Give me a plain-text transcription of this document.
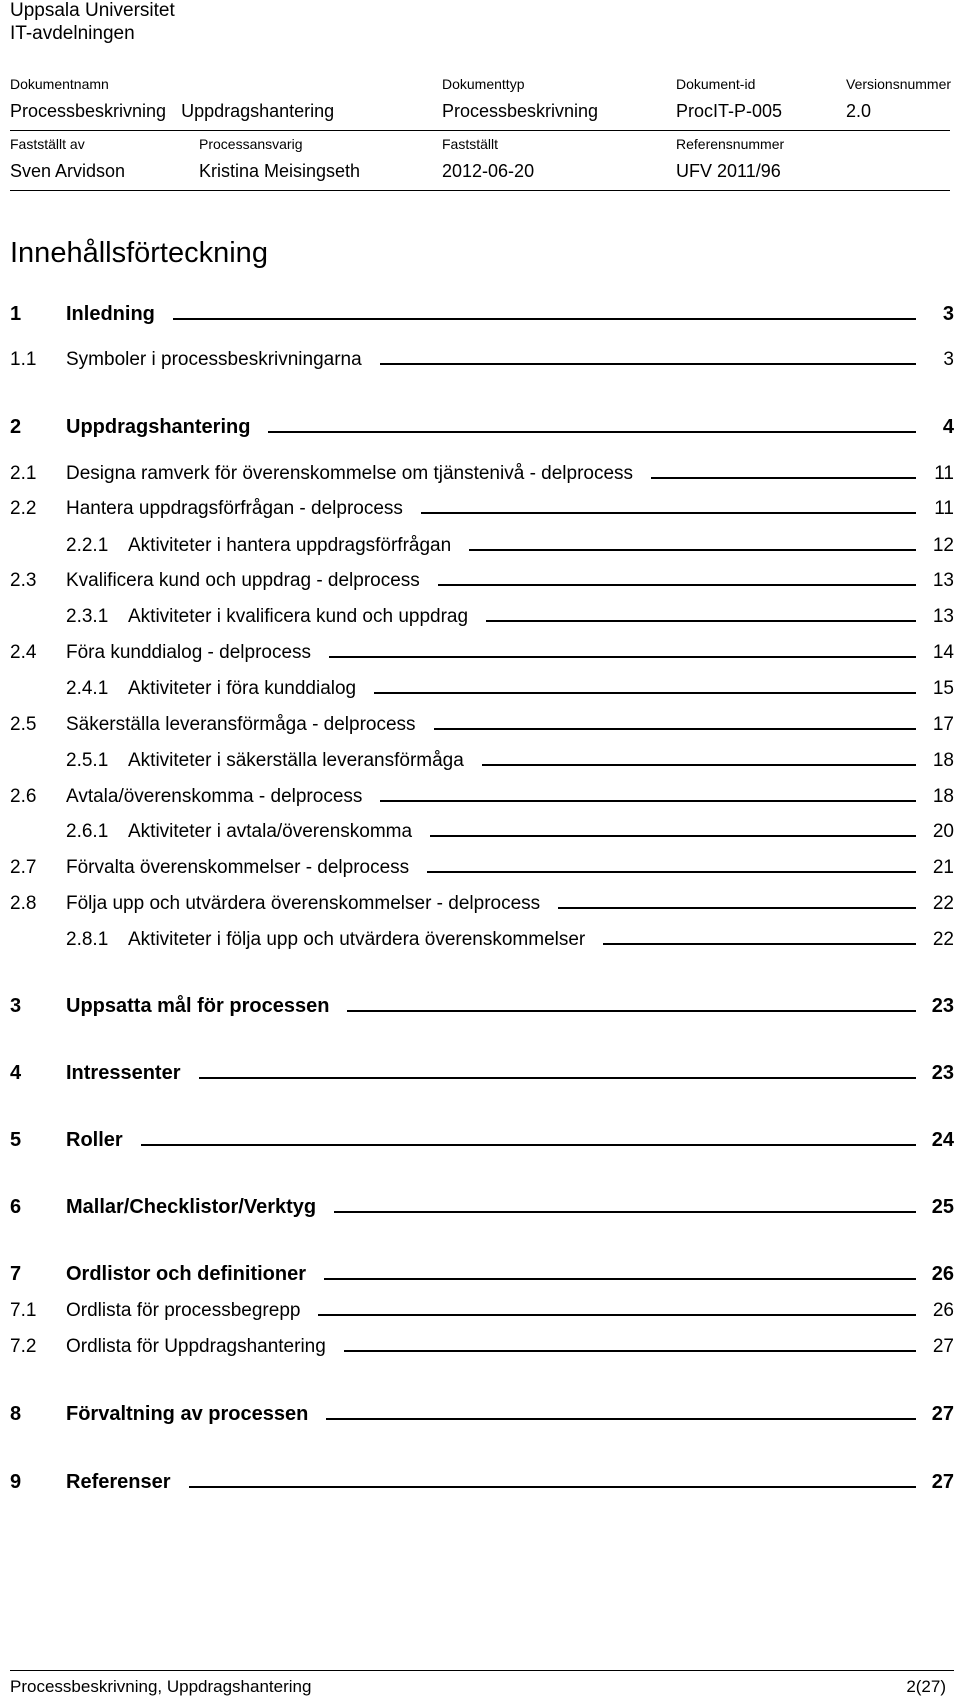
Uppsala Universitet
IT-avdelningen
Dokumentnamn
Processbeskrivning   Uppdragshantering
Dokumenttyp
Processbeskrivning
Dokument-id
ProcIT-P-005
Versionsnummer
2.0
Fastställt av
Sven Arvidson
Processansvarig
Kristina Meisingseth
Fastställt
2012-06-20
Referensnummer
UFV 2011/96
Innehållsförteckning
1	Inledning	3
1.1	Symboler i processbeskrivningarna	3
2	Uppdragshantering	4
2.1	Designa ramverk för överenskommelse om tjänstenivå - delprocess	11
2.2	Hantera uppdragsförfrågan - delprocess	11
2.2.1	Aktiviteter i hantera uppdragsförfrågan	12
2.3	Kvalificera kund och uppdrag - delprocess	13
2.3.1	Aktiviteter i kvalificera kund och uppdrag	13
2.4	Föra kunddialog - delprocess	14
2.4.1	Aktiviteter i föra kunddialog	15
2.5	Säkerställa leveransförmåga - delprocess	17
2.5.1	Aktiviteter i säkerställa leveransförmåga	18
2.6	Avtala/överenskomma - delprocess	18
2.6.1	Aktiviteter i avtala/överenskomma	20
2.7	Förvalta överenskommelser - delprocess	21
2.8	Följa upp och utvärdera överenskommelser - delprocess	22
2.8.1	Aktiviteter i följa upp och utvärdera överenskommelser	22
3	Uppsatta mål för processen	23
4	Intressenter	23
5	Roller	24
6	Mallar/Checklistor/Verktyg	25
7	Ordlistor och definitioner	26
7.1	Ordlista för processbegrepp	26
7.2	Ordlista för Uppdragshantering	27
8	Förvaltning av processen	27
9	Referenser	27
Processbeskrivning, Uppdragshantering	2(27)
